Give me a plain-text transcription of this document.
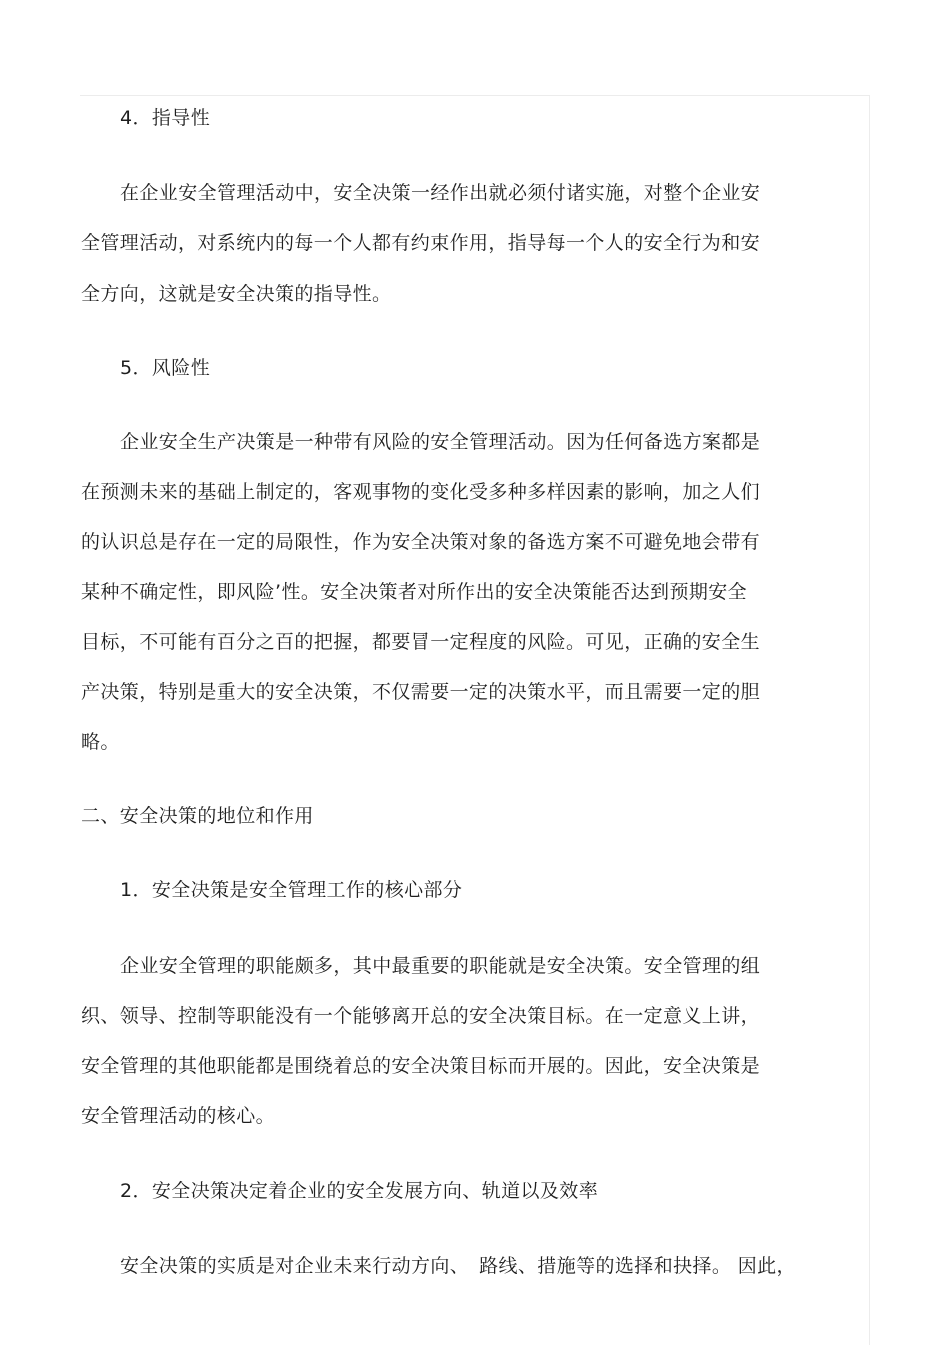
4．指导性
在企业安全管理活动中，安全决策一经作出就必须付诸实施，对整个企业安
全管理活动，对系统内的每一个人都有约束作用，指导每一个人的安全行为和安
全方向，这就是安全决策的指导性。
5．风险性
企业安全生产决策是一种带有风险的安全管理活动。因为任何备选方案都是
在预测未来的基础上制定的，客观事物的变化受多种多样因素的影响，加之人们
的认识总是存在一定的局限性，作为安全决策对象的备选方案不可避免地会带有
某种不确定性，即风险’性。安全决策者对所作出的安全决策能否达到预期安全
目标，不可能有百分之百的把握，都要冒一定程度的风险。可见，正确的安全生
产决策，特别是重大的安全决策，不仅需要一定的决策水平，而且需要一定的胆
略。
二、安全决策的地位和作用
1．安全决策是安全管理工作的核心部分
企业安全管理的职能颇多，其中最重要的职能就是安全决策。安全管理的组
织、领导、控制等职能没有一个能够离开总的安全决策目标。在一定意义上讲，
安全管理的其他职能都是围绕着总的安全决策目标而开展的。因此，安全决策是
安全管理活动的核心。
2．安全决策决定着企业的安全发展方向、轨道以及效率
安全决策的实质是对企业未来行动方向、　路线、措施等的选择和抉择。 因此，
